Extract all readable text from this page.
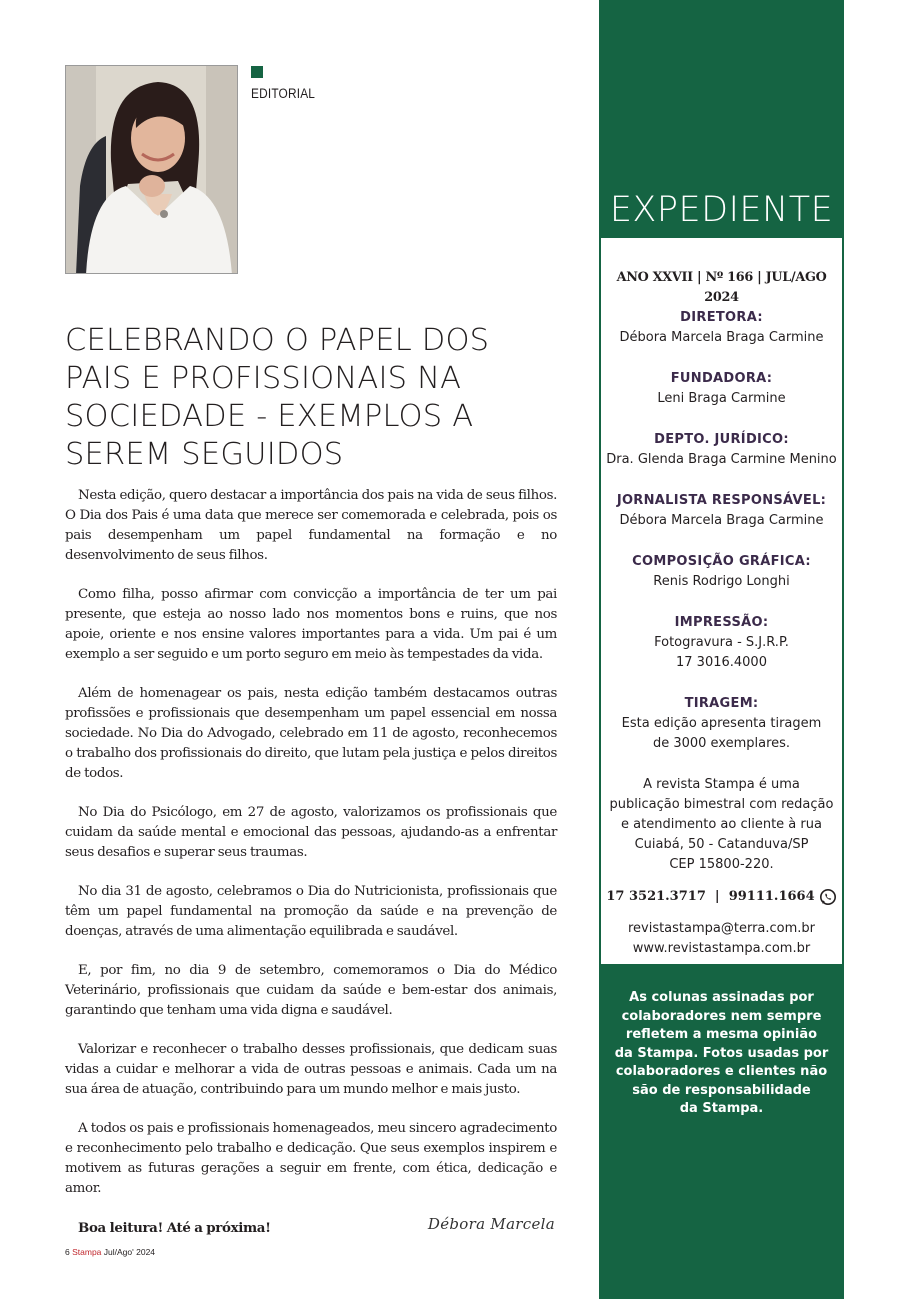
EDITORIAL
CELEBRANDO O PAPEL DOS
PAIS E PROFISSIONAIS NA
SOCIEDADE - EXEMPLOS A
SEREM SEGUIDOS

Nesta edição, quero destacar a importância dos pais na vida de seus filhos. O Dia dos Pais é uma data que merece ser comemorada e celebrada, pois os pais desempenham um papel fundamental na formação e no desenvolvimento de seus filhos.

Como filha, posso afirmar com convicção a importância de ter um pai presente, que esteja ao nosso lado nos momentos bons e ruins, que nos apoie, oriente e nos ensine valores importantes para a vida. Um pai é um exemplo a ser seguido e um porto seguro em meio às tempestades da vida.

Além de homenagear os pais, nesta edição também destacamos outras profissões e profissionais que desempenham um papel essencial em nossa sociedade. No Dia do Advogado, celebrado em 11 de agosto, reconhecemos o trabalho dos profissionais do direito, que lutam pela justiça e pelos direitos de todos.

No Dia do Psicólogo, em 27 de agosto, valorizamos os profissionais que cuidam da saúde mental e emocional das pessoas, ajudando-as a enfrentar seus desafios e superar seus traumas.

No dia 31 de agosto, celebramos o Dia do Nutricionista, profissionais que têm um papel fundamental na promoção da saúde e na prevenção de doenças, através de uma alimentação equilibrada e saudável.

E, por fim, no dia 9 de setembro, comemoramos o Dia do Médico Veterinário, profissionais que cuidam da saúde e bem-estar dos animais, garantindo que tenham uma vida digna e saudável.

Valorizar e reconhecer o trabalho desses profissionais, que dedicam suas vidas a cuidar e melhorar a vida de outras pessoas e animais. Cada um na sua área de atuação, contribuindo para um mundo melhor e mais justo.

A todos os pais e profissionais homenageados, meu sincero agradecimento e reconhecimento pelo trabalho e dedicação. Que seus exemplos inspirem e motivem as futuras gerações a seguir em frente, com ética, dedicação e amor.

Boa leitura! Até a próxima!	Débora Marcela
6 Stampa Jul/Ago' 2024
EXPEDIENTE
ANO XXVII | Nº 166 | JUL/AGO 2024
DIRETORA:
Débora Marcela Braga Carmine
FUNDADORA:
Leni Braga Carmine
DEPTO. JURÍDICO:
Dra. Glenda Braga Carmine Menino
JORNALISTA RESPONSÁVEL:
Débora Marcela Braga Carmine
COMPOSIÇÃO GRÁFICA:
Renis Rodrigo Longhi
IMPRESSÃO:
Fotogravura - S.J.R.P.
17 3016.4000
TIRAGEM:
Esta edição apresenta tiragem
de 3000 exemplares.
A revista Stampa é uma
publicação bimestral com redação
e atendimento ao cliente à rua
Cuiabá, 50 - Catanduva/SP
CEP 15800-220.
17 3521.3717  |  99111.1664
revistastampa@terra.com.br
www.revistastampa.com.br
As colunas assinadas por
colaboradores nem sempre
refletem a mesma opinião
da Stampa. Fotos usadas por
colaboradores e clientes não
são de responsabilidade
da Stampa.
